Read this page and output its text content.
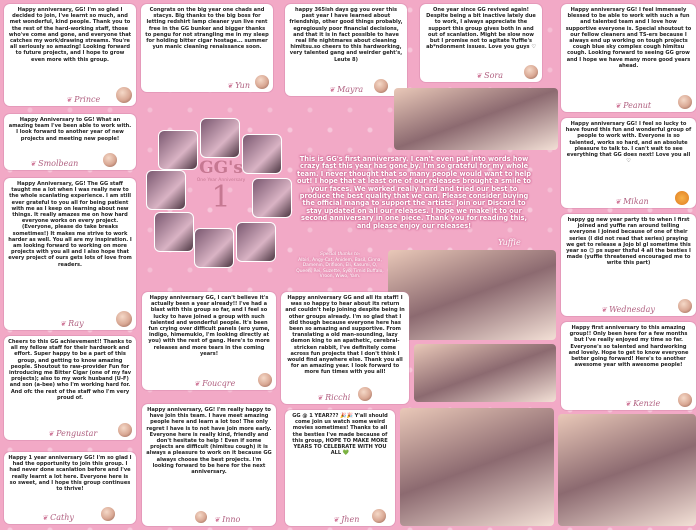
Happy anniversary, GG! I'm so glad I decided to join, I've learnt so much, and met wonderful, kind people. Thank you to the rest of the hard-working staff, those who've come and gone, and everyone that catches my work/drawing streams. You're all seriously so amazing! Looking forward to future projects, and I hope to grow even more with this group.

❦ Prince

Congrats on the big year one chads and stacys. Big thanks to the big boss for letting redshirt lamp cleaner yun live rent free in the GG bunker and bigger thanks to pengu for not strangling me in my sleep for holding bitter cigar hostage... summer yun manic cleaning renaissance soon.

❦ Yun

happy 365ish days gg you over this past year I have learned about friendship, other good things probably, egregiously poor financial decisions, and that it is in fact possible to have real life nightmares about cleaning himitsu.so cheers to this hardworking, very talented gang and weirder geht's, Leute 8)

❦ Mayra

One year since GG revived again! Despite being a bit inactive lately due to work, I always appreciate the support this group gives both in and out of scanlation. Might be slow now but I promise not to agitate Yuffie's ab*ndonment issues. Love you guys ♡

❦ Sora

Happy anniversary GG! I feel immensely blessed to be able to work with such a fun and talented team and I love how supportive everyone is. Special shoutout to our fellow cleaners and TS-ers because I always end up working on tough projects cough blue sky complex cough himitsu cough. Looking forward to seeing GG grow and I hope we have many more good years ahead.

❦ Peanut

Happy Anniversary to GG! What an amazing team I've been able to work with. I look forward to another year of new projects and meeting new people!

❦ Smolbean

Happy Anniversary, GG! The GG staff taught me a lot when I was really new to the whole scanlating experience. I am still ever grateful to you all for being patient with me as I keep on learning about new things. It really amazes me on how hard everyone works on every project. (Everyone, please do take breaks sometimes!) It makes me strive to work harder as well. You all are my inspiration. I am looking forward to working on more projects with you all and I also hope that every project of ours gets lots of love from readers.

❦ Ray

Cheers to this GG achievement!! Thanks to all my fellow staff for their hardwork and effort. Super happy to be a part of this group, and getting to know amazing people. Shoutout to raw-provider Fun for introducing me Bitter Cigar (one of my fav projects); also to my work husband (U-F) and son (a-bee) who I'm working hard for. And ofc the rest of the staff who I'm very proud of.

❦ Pengustar

Happy 1 year anniversary GG! I'm so glad I had the opportunity to join this group. I had never done scanlation before and I've really learnt a lot here. Everyone here is so sweet, and I hope this group continues to thrive!

❦ Cathy
GG's
One Year Anniversary
1
This is GG's first anniversary. I can't even put into words how crazy fast this year has gone by. I'm so grateful for my whole team. I never thought that so many people would want to help out! I hope that at least one of our releases brought a smile to your faces. We worked really hard and tried our best to produce the best quality that we can. Please consider buying the official manga to support the artists. Join our Discord to stay updated on all our releases. I hope we make it to our second anniversary in one piece. Thank you for reading this, and please enjoy our releases!
Yuffie
Special thanks to:
Albiri, Angy-Cat, Anidem, Basil, Cinna, Damenin, Drifloon, Eli, Kasumi, Q, Queen, Rei, Suzette, Syo, Timid Buffalo, Vroon, Wiwo, Yam.

Happy anniversary GG! I feel so lucky to have found this fun and wonderful group of people to work with. Everyone is so talented, works so hard, and an absolute pleasure to talk to. I can't wait to see everything that GG does next! Love you all ♡

❦ Mikan

happy gg new year party tb to when I first joined and yuffie ran around telling everyone I joined because of one of their series (I did not read that series) praying we get to release a Jojo bl gl sometime this year so ☺ ps super thxful 4 all the besties I made (yuffie threatened encouraged me to write this part)

❦ Wednesday

Happy first anniversary to this amazing group!! Only been here for a few months but I've really enjoyed my time so far. Everyone's so talented and hardworking and lovely. Hope to get to know everyone better going forward! Here's to another awesome year with awesome people!

❦ Kenzie

Happy anniversary GG, I can't believe it's actually been a year already!! I've had a blast with this group so far, and I feel so lucky to have joined a group with such talented and wonderful people. It's been fun crying over difficult panels (ero yume, indigo, himemukio, I'm looking directly at you) with the rest of gang. Here's to more releases and more tears in the coming years!

❦ Foucqre

Happy anniversary GG and all its staff! I was so happy to hear about its return and couldn't help joining despite being in other groups already. I'm so glad that I did though because everyone here has been so amazing and supportive. From translating a old man-sounding, lazy demon king to an apathetic, cerebral-stricken rabbit, I've definitely come across fun projects that I don't think I would find anywhere else. Thank you all for an amazing year. I look forward to more fun times with you all!

❦ Ricchi

Happy anniversary, GG! I'm really happy to have join this team. I have meet amazing people here and learn a lot too! The only regret I have is to not have join more early. Everyone here is really kind, friendly and don't hesitate to help ! Even if some projects are difficult (himitsu cough) it is always a pleasure to work on it because GG always choose the best projects. I'm looking forward to be here for the next anniversary.

❦ Inno

GG @ 1 YEAR??? 🎉🎉 Y'all should come join us watch some weird movies sometimes! Thanks to all the besties I've made because of this group, HOPE TO MAKE MORE YEARS TO CELEBRATE WITH YOU ALL 💚

❦ Jhen
